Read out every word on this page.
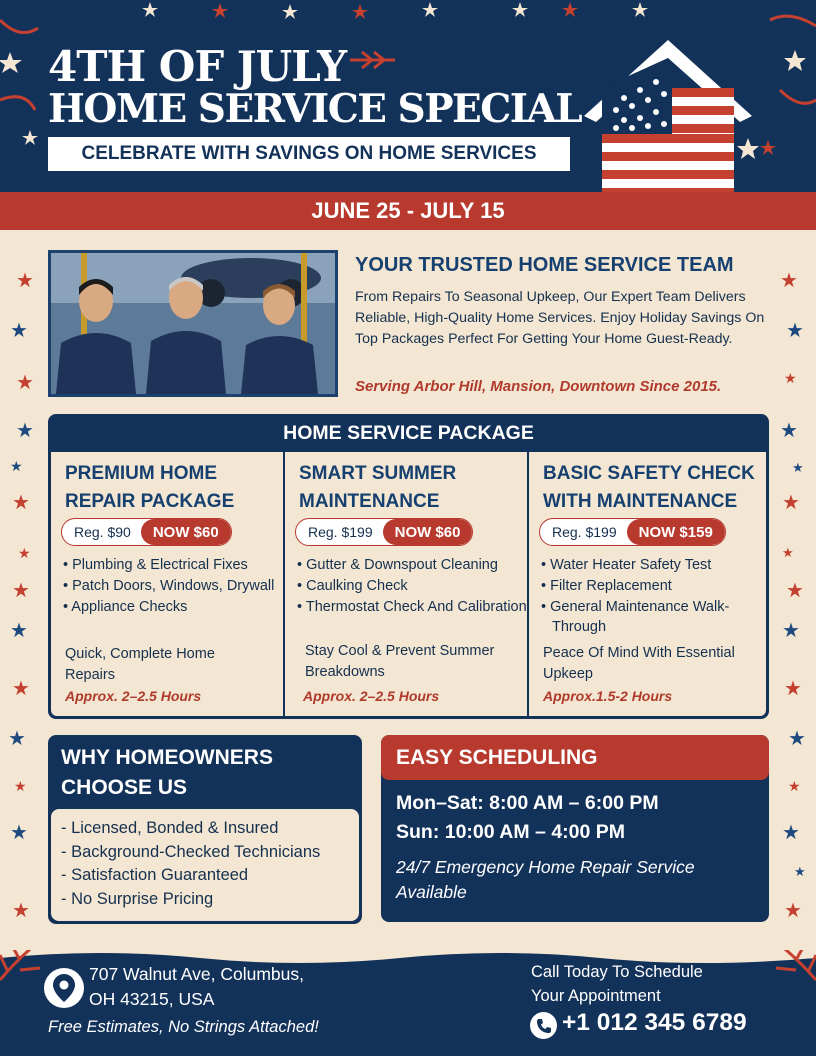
4TH OF JULY
HOME SERVICE SPECIAL
CELEBRATE WITH SAVINGS ON HOME SERVICES
JUNE 25 - JULY 15
★
★
★
★
★
★
★
★
★
★
★
★
★
★
★
★
★
★
★
★
★
★
★
★
★
★
★
★
★
YOUR TRUSTED HOME SERVICE TEAM
From Repairs To Seasonal Upkeep, Our Expert Team Delivers Reliable, High-Quality Home Services. Enjoy Holiday Savings On Top Packages Perfect For Getting Your Home Guest-Ready.
Serving Arbor Hill, Mansion, Downtown Since 2015.
HOME SERVICE PACKAGE
PREMIUM HOME
REPAIR PACKAGE
Reg. $90	NOW $60
• Plumbing & Electrical Fixes
• Patch Doors, Windows, Drywall
• Appliance Checks
Quick, Complete Home Repairs
Approx. 2–2.5 Hours
SMART SUMMER
MAINTENANCE
Reg. $199	NOW $60
• Gutter & Downspout Cleaning
• Caulking Check
• Thermostat Check And Calibration
Stay Cool & Prevent Summer Breakdowns
Approx. 2–2.5 Hours
BASIC SAFETY CHECK
WITH MAINTENANCE
Reg. $199	NOW $159
• Water Heater Safety Test
• Filter Replacement
• General Maintenance Walk-Through
Peace Of Mind With Essential Upkeep
Approx.1.5-2 Hours
WHY HOMEOWNERS
CHOOSE US
- Licensed, Bonded & Insured
- Background-Checked Technicians
- Satisfaction Guaranteed
- No Surprise Pricing
EASY SCHEDULING
Mon–Sat: 8:00 AM – 6:00 PM
Sun: 10:00 AM – 4:00 PM
24/7 Emergency Home Repair Service Available
707 Walnut Ave, Columbus,
OH 43215, USA
Free Estimates, No Strings Attached!
Call Today To Schedule
Your Appointment
+1 012 345 6789
